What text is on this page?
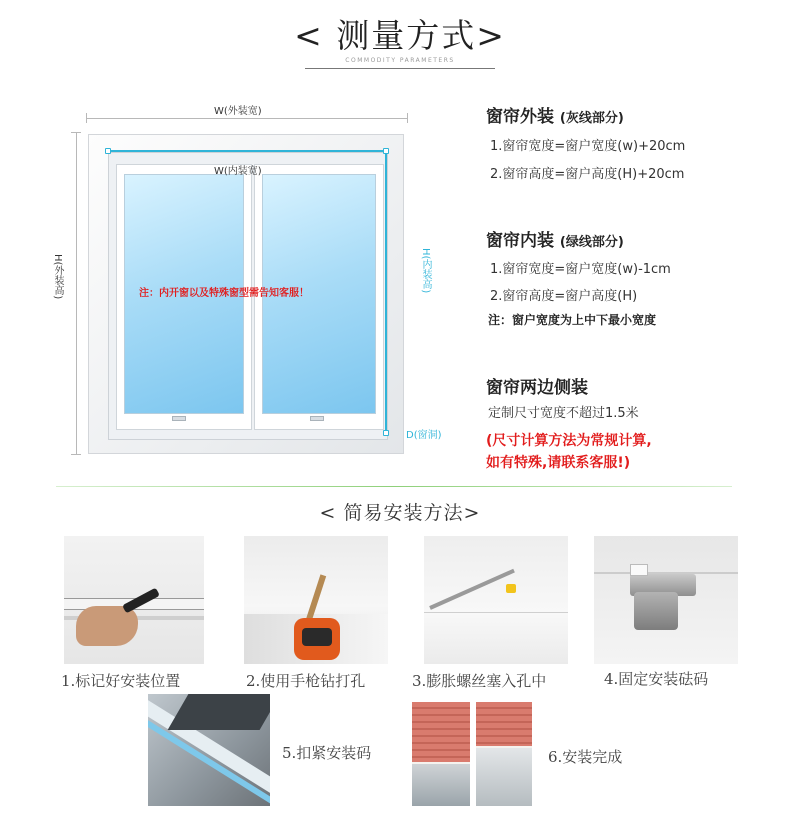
< 测量方式>
COMMODITY PARAMETERS
W(外装宽)
H(外装高)
W(内装宽)
H(内装高)
D(窗洞)
注：内开窗以及特殊窗型需告知客服！
窗帘外装 (灰线部分)
1.窗帘宽度=窗户宽度(w)+20cm
2.窗帘高度=窗户高度(H)+20cm
窗帘内装 (绿线部分)
1.窗帘宽度=窗户宽度(w)-1cm
2.窗帘高度=窗户高度(H)
注：窗户宽度为上中下最小宽度
窗帘两边侧装
定制尺寸宽度不超过1.5米
(尺寸计算方法为常规计算,
如有特殊,请联系客服!)
< 简易安装方法>
1.标记好安装位置	2.使用手枪钻打孔	3.膨胀螺丝塞入孔中	4.固定安装砝码
5.扣紧安装码	6.安装完成
